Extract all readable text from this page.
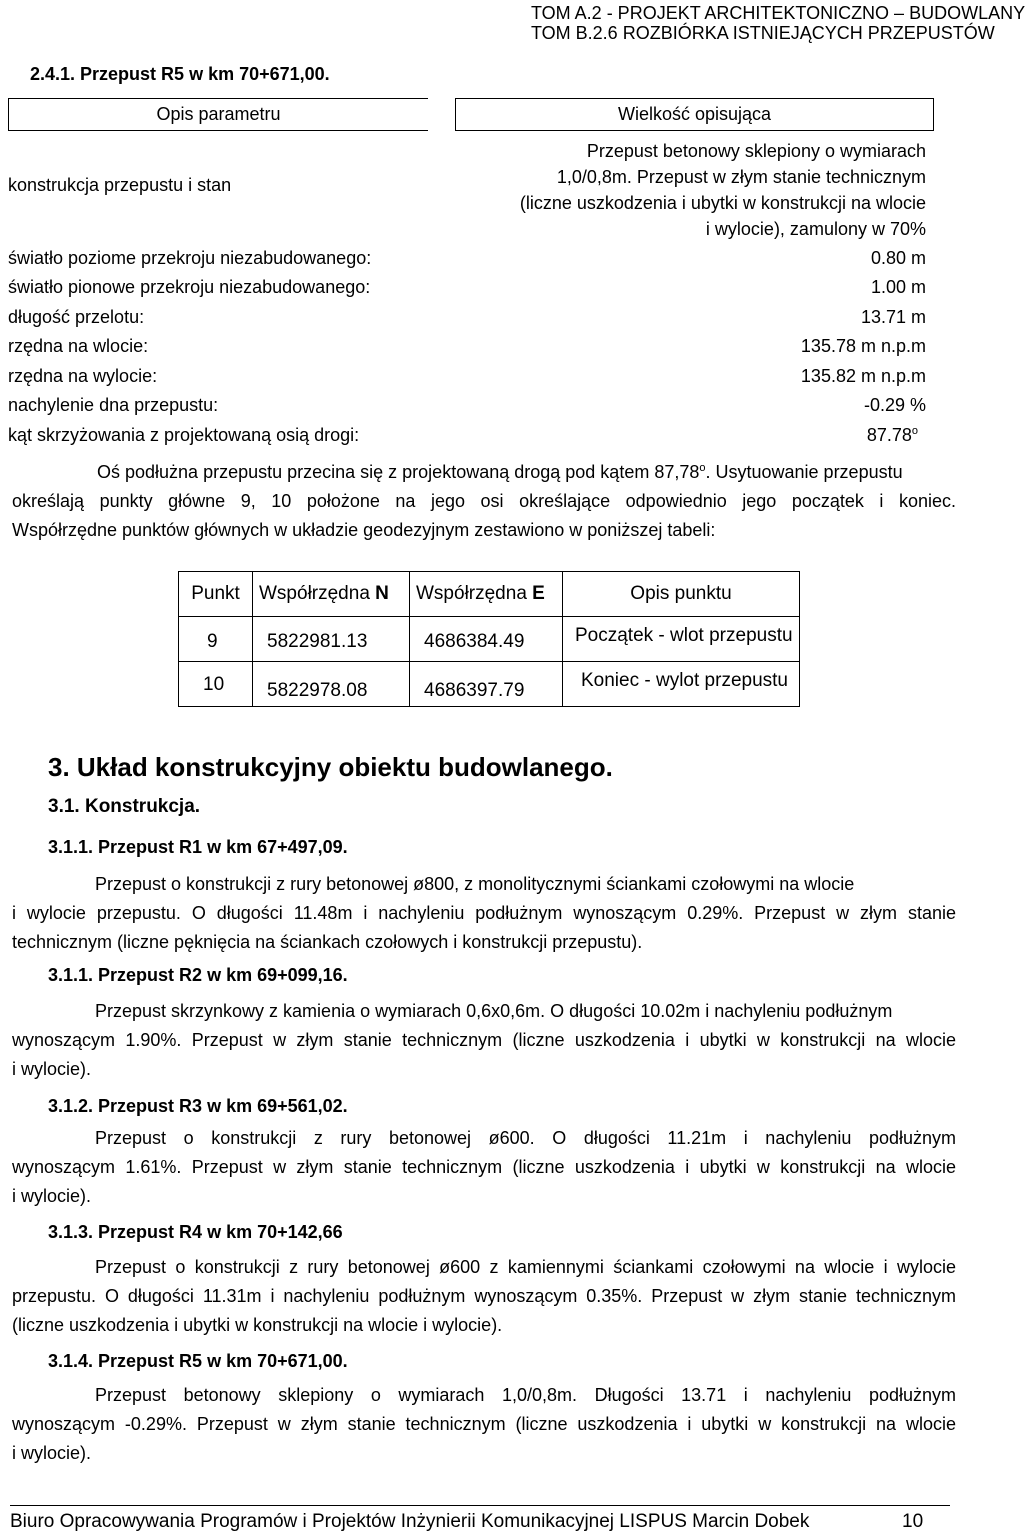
TOM A.2 - PROJEKT ARCHITEKTONICZNO – BUDOWLANY
TOM B.2.6 ROZBIÓRKA ISTNIEJĄCYCH PRZEPUSTÓW
2.4.1. Przepust R5 w km 70+671,00.
Opis parametru	Wielkość opisująca
konstrukcja przepustu i stan
Przepust betonowy sklepiony o wymiarach
1,0/0,8m. Przepust w złym stanie technicznym
(liczne uszkodzenia i ubytki w konstrukcji na wlocie
i wylocie), zamulony w 70%
światło poziome przekroju niezabudowanego:	0.80 m
światło pionowe przekroju niezabudowanego:	1.00 m
długość przelotu:	13.71 m
rzędna na wlocie:	135.78 m n.p.m
rzędna na wylocie:	135.82 m n.p.m
nachylenie dna przepustu:	-0.29 %
kąt skrzyżowania z projektowaną osią drogi:	87.78$^o$
Oś podłużna przepustu przecina się z projektowaną drogą pod kątem 87,78$^o$. Usytuowanie przepustu
określają punkty główne 9, 10 położone na jego osi określające odpowiednio jego początek i koniec.
Współrzędne punktów głównych w układzie geodezyjnym zestawiono w poniższej tabeli:
Punkt	Współrzędna N	Współrzędna E	Opis punktu
9	5822981.13	4686384.49	Początek - wlot przepustu
10	5822978.08	4686397.79	Koniec - wylot przepustu
3. Układ konstrukcyjny obiektu budowlanego.
3.1. Konstrukcja.
3.1.1. Przepust R1 w km 67+497,09.
Przepust o konstrukcji z rury betonowej ø800, z monolitycznymi ściankami czołowymi na wlocie
i wylocie przepustu. O długości 11.48m i nachyleniu podłużnym wynoszącym 0.29%. Przepust w złym stanie
technicznym (liczne pęknięcia na ściankach czołowych i konstrukcji przepustu).
3.1.1. Przepust R2 w km 69+099,16.
Przepust skrzynkowy z kamienia o wymiarach 0,6x0,6m. O długości 10.02m i nachyleniu podłużnym
wynoszącym 1.90%. Przepust w złym stanie technicznym (liczne uszkodzenia i ubytki w konstrukcji na wlocie
i wylocie).
3.1.2. Przepust R3 w km 69+561,02.
Przepust o konstrukcji z rury betonowej ø600. O długości 11.21m i nachyleniu podłużnym
wynoszącym 1.61%. Przepust w złym stanie technicznym (liczne uszkodzenia i ubytki w konstrukcji na wlocie
i wylocie).
3.1.3. Przepust R4 w km 70+142,66
Przepust o konstrukcji z rury betonowej ø600 z kamiennymi ściankami czołowymi na wlocie i wylocie
przepustu. O długości 11.31m i nachyleniu podłużnym wynoszącym 0.35%. Przepust w złym stanie technicznym
(liczne uszkodzenia i ubytki w konstrukcji na wlocie i wylocie).
3.1.4. Przepust R5 w km 70+671,00.
Przepust betonowy sklepiony o wymiarach 1,0/0,8m. Długości 13.71 i nachyleniu podłużnym
wynoszącym -0.29%. Przepust w złym stanie technicznym (liczne uszkodzenia i ubytki w konstrukcji na wlocie
i wylocie).
Biuro Opracowywania Programów i Projektów Inżynierii Komunikacyjnej LISPUS Marcin Dobek	10
